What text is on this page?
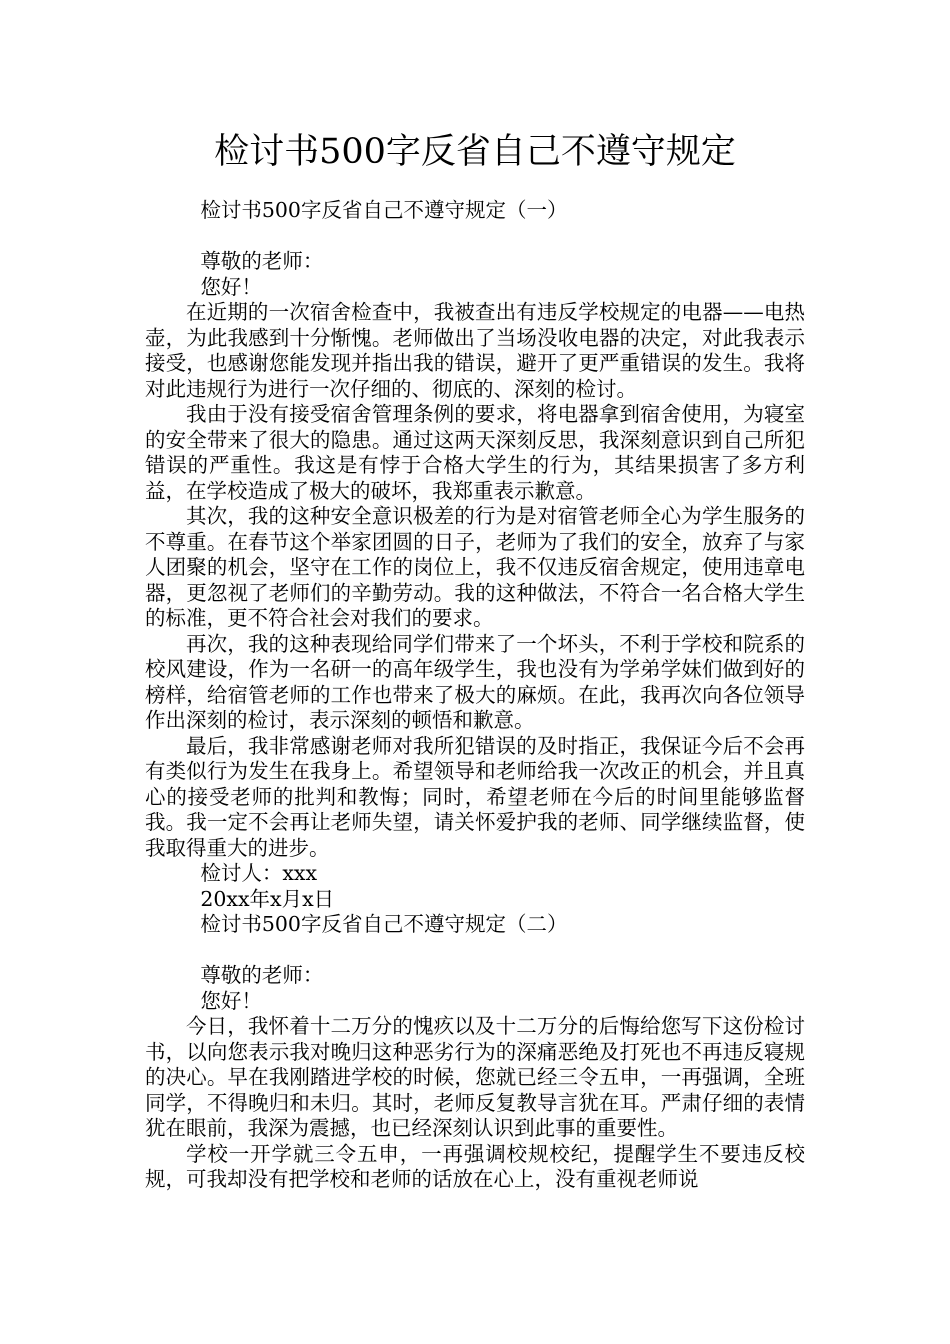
检讨书500字反省自己不遵守规定

检讨书500字反省自己不遵守规定（一）

尊敬的老师：

您好！

在近期的一次宿舍检查中，我被查出有违反学校规定的电器——电热壶，为此我感到十分惭愧。老师做出了当场没收电器的决定，对此我表示接受，也感谢您能发现并指出我的错误，避开了更严重错误的发生。我将对此违规行为进行一次仔细的、彻底的、深刻的检讨。

我由于没有接受宿舍管理条例的要求，将电器拿到宿舍使用，为寝室的安全带来了很大的隐患。通过这两天深刻反思，我深刻意识到自己所犯错误的严重性。我这是有悖于合格大学生的行为，其结果损害了多方利益，在学校造成了极大的破坏，我郑重表示歉意。

其次，我的这种安全意识极差的行为是对宿管老师全心为学生服务的不尊重。在春节这个举家团圆的日子，老师为了我们的安全，放弃了与家人团聚的机会，坚守在工作的岗位上，我不仅违反宿舍规定，使用违章电器，更忽视了老师们的辛勤劳动。我的这种做法，不符合一名合格大学生的标准，更不符合社会对我们的要求。

再次，我的这种表现给同学们带来了一个坏头，不利于学校和院系的校风建设，作为一名研一的高年级学生，我也没有为学弟学妹们做到好的榜样，给宿管老师的工作也带来了极大的麻烦。在此，我再次向各位领导作出深刻的检讨，表示深刻的顿悟和歉意。

最后，我非常感谢老师对我所犯错误的及时指正，我保证今后不会再有类似行为发生在我身上。希望领导和老师给我一次改正的机会，并且真心的接受老师的批判和教悔；同时，希望老师在今后的时间里能够监督我。我一定不会再让老师失望，请关怀爱护我的老师、同学继续监督，使我取得重大的进步。

检讨人：xxx

20xx年x月x日

检讨书500字反省自己不遵守规定（二）

尊敬的老师：

您好！

今日，我怀着十二万分的愧疚以及十二万分的后悔给您写下这份检讨书，以向您表示我对晚归这种恶劣行为的深痛恶绝及打死也不再违反寝规的决心。早在我刚踏进学校的时候，您就已经三令五申，一再强调，全班同学，不得晚归和未归。其时，老师反复教导言犹在耳。严肃仔细的表情犹在眼前，我深为震撼，也已经深刻认识到此事的重要性。

学校一开学就三令五申，一再强调校规校纪，提醒学生不要违反校规，可我却没有把学校和老师的话放在心上，没有重视老师说
